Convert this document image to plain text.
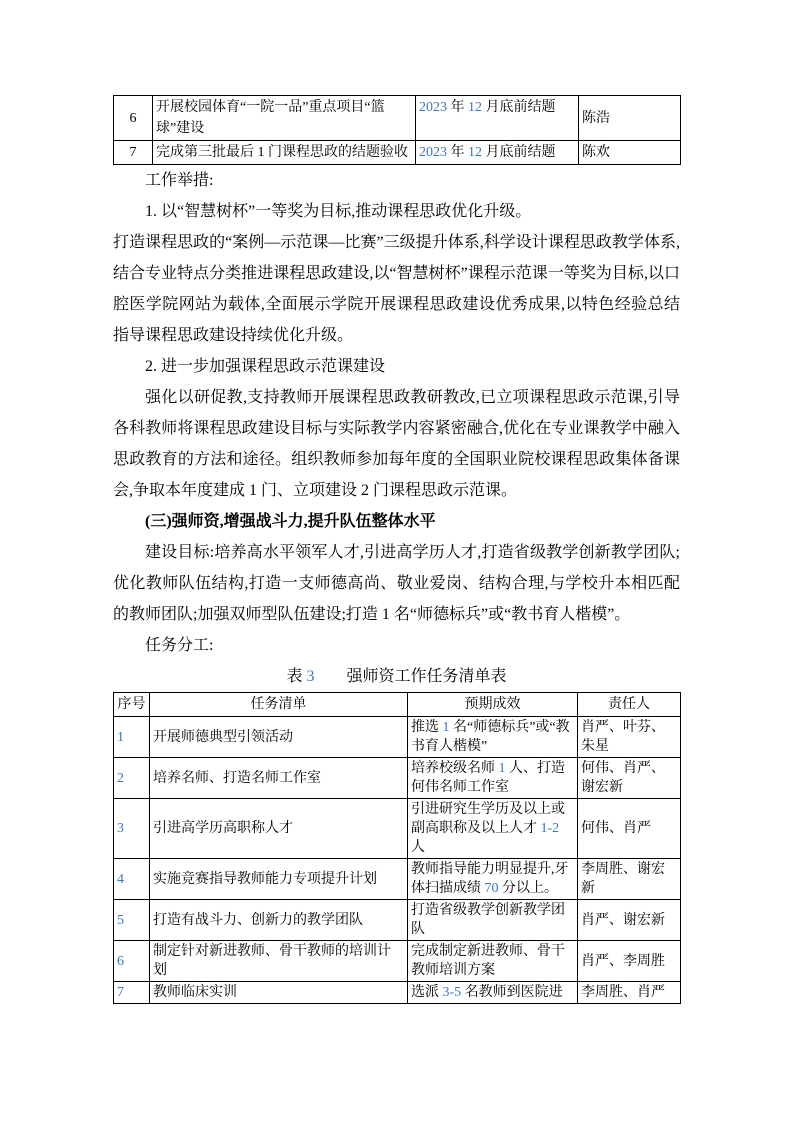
6	开展校园体育“一院一品”重点项目“篮球”建设	2023 年 12 月底前结题	陈浩
7	完成第三批最后 1 门课程思政的结题验收	2023 年 12 月底前结题	陈欢

工作举措:

1. 以“智慧树杯”一等奖为目标,推动课程思政优化升级。

打造课程思政的“案例—示范课—比赛”三级提升体系,科学设计课程思政教学体系,结合专业特点分类推进课程思政建设,以“智慧树杯”课程示范课一等奖为目标,以口腔医学院网站为载体,全面展示学院开展课程思政建设优秀成果,以特色经验总结指导课程思政建设持续优化升级。

2. 进一步加强课程思政示范课建设

强化以研促教,支持教师开展课程思政教研教改,已立项课程思政示范课,引导各科教师将课程思政建设目标与实际教学内容紧密融合,优化在专业课教学中融入思政教育的方法和途径。组织教师参加每年度的全国职业院校课程思政集体备课会,争取本年度建成 1 门、立项建设 2 门课程思政示范课。

(三)强师资,增强战斗力,提升队伍整体水平

建设目标:培养高水平领军人才,引进高学历人才,打造省级教学创新教学团队;优化教师队伍结构,打造一支师德高尚、敬业爱岗、结构合理,与学校升本相匹配的教师团队;加强双师型队伍建设;打造 1 名“师德标兵”或“教书育人楷模”。

任务分工:

表 3　　强师资工作任务清单表

序号	任务清单	预期成效	责任人
1	开展师德典型引领活动	推选 1 名“师德标兵”或“教书育人楷模”	肖严、叶芬、朱星
2	培养名师、打造名师工作室	培养校级名师 1 人、打造何伟名师工作室	何伟、肖严、谢宏新
3	引进高学历高职称人才	引进研究生学历及以上或副高职称及以上人才 1-2 人	何伟、肖严
4	实施竞赛指导教师能力专项提升计划	教师指导能力明显提升,牙体扫描成绩 70 分以上。	李周胜、谢宏新
5	打造有战斗力、创新力的教学团队	打造省级教学创新教学团队	肖严、谢宏新
6	制定针对新进教师、骨干教师的培训计划	完成制定新进教师、骨干教师培训方案	肖严、李周胜
7	教师临床实训	选派 3-5 名教师到医院进	李周胜、肖严
